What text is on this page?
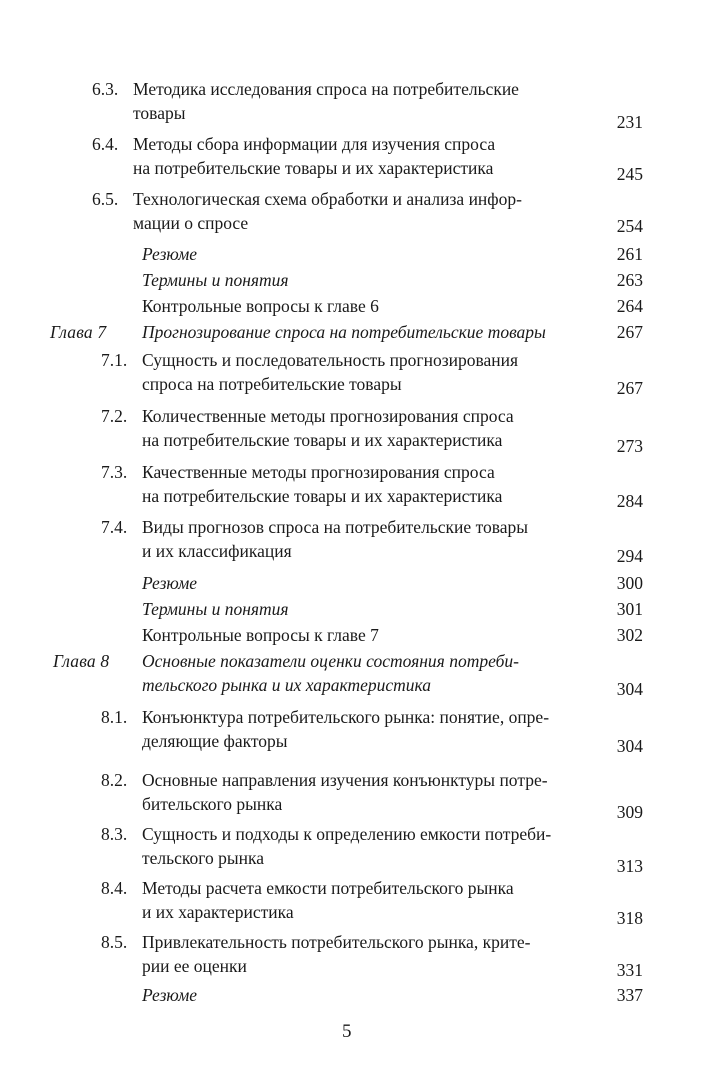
6.3. Методика исследования спроса на потребительские
товары	231
6.4. Методы сбора информации для изучения спроса
на потребительские товары и их характеристика	245
6.5. Технологическая схема обработки и анализа инфор-
мации о спросе	254
Резюме	261
Термины и понятия	263
Контрольные вопросы к главе 6	264
Глава 7 Прогнозирование спроса на потребительские товары	267
7.1. Сущность и последовательность прогнозирования
спроса на потребительские товары	267
7.2. Количественные методы прогнозирования спроса
на потребительские товары и их характеристика	273
7.3. Качественные методы прогнозирования спроса
на потребительские товары и их характеристика	284
7.4. Виды прогнозов спроса на потребительские товары
и их классификация	294
Резюме	300
Термины и понятия	301
Контрольные вопросы к главе 7	302
Глава 8 Основные показатели оценки состояния потреби-
тельского рынка и их характеристика	304
8.1. Конъюнктура потребительского рынка: понятие, опре-
деляющие факторы	304
8.2. Основные направления изучения конъюнктуры потре-
бительского рынка	309
8.3. Сущность и подходы к определению емкости потреби-
тельского рынка	313
8.4. Методы расчета емкости потребительского рынка
и их характеристика	318
8.5. Привлекательность потребительского рынка, крите-
рии ее оценки	331
Резюме	337
5
